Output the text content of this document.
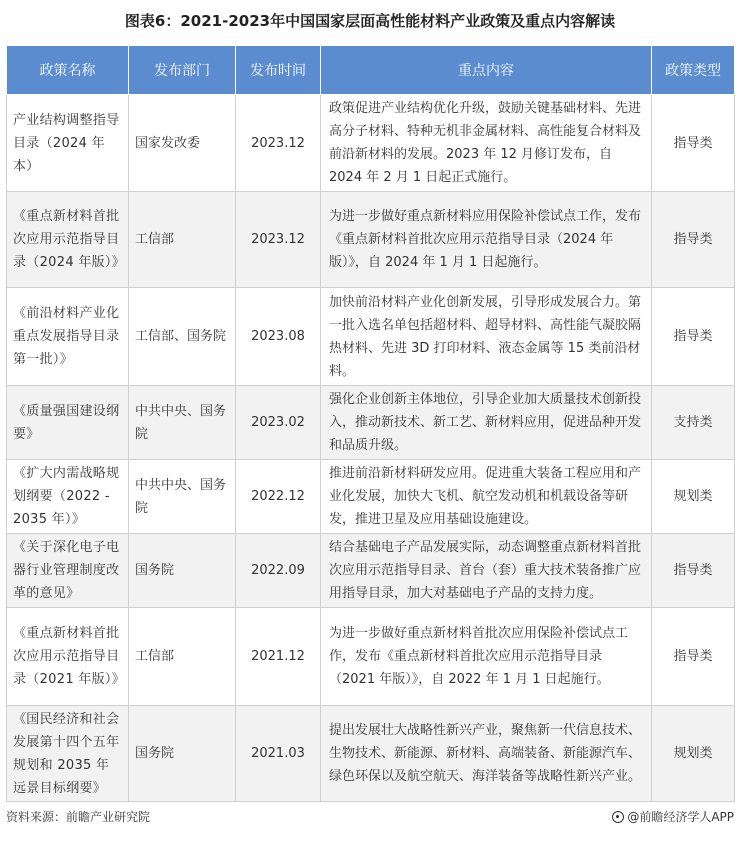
图表6：2021-2023年中国国家层面高性能材料产业政策及重点内容解读
政策名称	发布部门	发布时间	重点内容	政策类型
产业结构调整指导目录（2024 年本）	国家发改委	2023.12	政策促进产业结构优化升级，鼓励关键基础材料、先进高分子材料、特种无机非金属材料、高性能复合材料及前沿新材料的发展。2023 年 12 月修订发布，自 2024 年 2 月 1 日起正式施行。	指导类
《重点新材料首批次应用示范指导目录（2024 年版）》	工信部	2023.12	为进一步做好重点新材料应用保险补偿试点工作，发布《重点新材料首批次应用示范指导目录（2024 年版）》，自 2024 年 1 月 1 日起施行。	指导类
《前沿材料产业化重点发展指导目录第一批）》	工信部、国务院	2023.08	加快前沿材料产业化创新发展，引导形成发展合力。第一批入选名单包括超材料、超导材料、高性能气凝胶隔热材料、先进 3D 打印材料、液态金属等 15 类前沿材料。	指导类
《质量强国建设纲要》	中共中央、国务院	2023.02	强化企业创新主体地位，引导企业加大质量技术创新投入，推动新技术、新工艺、新材料应用，促进品种开发和品质升级。	支持类
《扩大内需战略规划纲要（2022 - 2035 年）》	中共中央、国务院	2022.12	推进前沿新材料研发应用。促进重大装备工程应用和产业化发展，加快大飞机、航空发动机和机载设备等研发，推进卫星及应用基础设施建设。	规划类
《关于深化电子电器行业管理制度改革的意见》	国务院	2022.09	结合基础电子产品发展实际，动态调整重点新材料首批次应用示范指导目录、首台（套）重大技术装备推广应用指导目录，加大对基础电子产品的支持力度。	指导类
《重点新材料首批次应用示范指导目录（2021 年版）》	工信部	2021.12	为进一步做好重点新材料首批次应用保险补偿试点工作，发布《重点新材料首批次应用示范指导目录（2021 年版）》，自 2022 年 1 月 1 日起施行。	指导类
《国民经济和社会发展第十四个五年规划和 2035 年远景目标纲要》	国务院	2021.03	提出发展壮大战略性新兴产业，聚焦新一代信息技术、生物技术、新能源、新材料、高端装备、新能源汽车、绿色环保以及航空航天、海洋装备等战略性新兴产业。	规划类
资料来源：前瞻产业研究院	@前瞻经济学人APP
